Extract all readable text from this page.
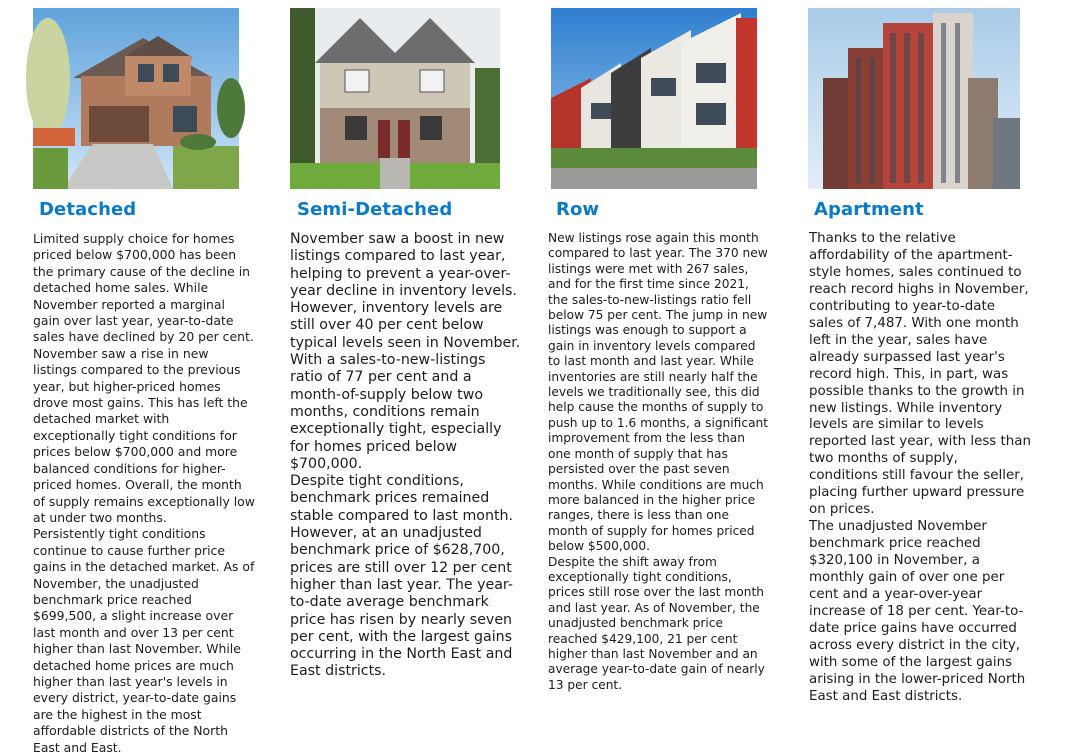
Detached
Limited supply choice for homes priced below $700,000 has been the primary cause of the decline in detached home sales. While November reported a marginal gain over last year, year-to-date sales have declined by 20 per cent. November saw a rise in new listings compared to the previous year, but higher-priced homes drove most gains. This has left the detached market with exceptionally tight conditions for prices below $700,000 and more balanced conditions for higher-priced homes. Overall, the month of supply remains exceptionally low at under two months.
Persistently tight conditions continue to cause further price gains in the detached market. As of November, the unadjusted benchmark price reached $699,500, a slight increase over last month and over 13 per cent higher than last November. While detached home prices are much higher than last year's levels in every district, year-to-date gains are the highest in the most affordable districts of the North East and East.
Semi-Detached
November saw a boost in new listings compared to last year, helping to prevent a year-over-year decline in inventory levels. However, inventory levels are still over 40 per cent below typical levels seen in November. With a sales-to-new-listings ratio of 77 per cent and a month-of-supply below two months, conditions remain exceptionally tight, especially for homes priced below $700,000.
Despite tight conditions, benchmark prices remained stable compared to last month. However, at an unadjusted benchmark price of $628,700, prices are still over 12 per cent higher than last year. The year-to-date average benchmark price has risen by nearly seven per cent, with the largest gains occurring in the North East and East districts.
Row
New listings rose again this month compared to last year. The 370 new listings were met with 267 sales, and for the first time since 2021, the sales-to-new-listings ratio fell below 75 per cent. The jump in new listings was enough to support a gain in inventory levels compared to last month and last year. While inventories are still nearly half the levels we traditionally see, this did help cause the months of supply to push up to 1.6 months, a significant improvement from the less than one month of supply that has persisted over the past seven months. While conditions are much more balanced in the higher price ranges, there is less than one month of supply for homes priced below $500,000.
Despite the shift away from exceptionally tight conditions, prices still rose over the last month and last year. As of November, the unadjusted benchmark price reached $429,100, 21 per cent higher than last November and an average year-to-date gain of nearly 13 per cent.
Apartment
Thanks to the relative affordability of the apartment-style homes, sales continued to reach record highs in November, contributing to year-to-date sales of 7,487. With one month left in the year, sales have already surpassed last year's record high. This, in part, was possible thanks to the growth in new listings. While inventory levels are similar to levels reported last year, with less than two months of supply, conditions still favour the seller, placing further upward pressure on prices.
The unadjusted November benchmark price reached $320,100 in November, a monthly gain of over one per cent and a year-over-year increase of 18 per cent. Year-to-date price gains have occurred across every district in the city, with some of the largest gains arising in the lower-priced North East and East districts.
